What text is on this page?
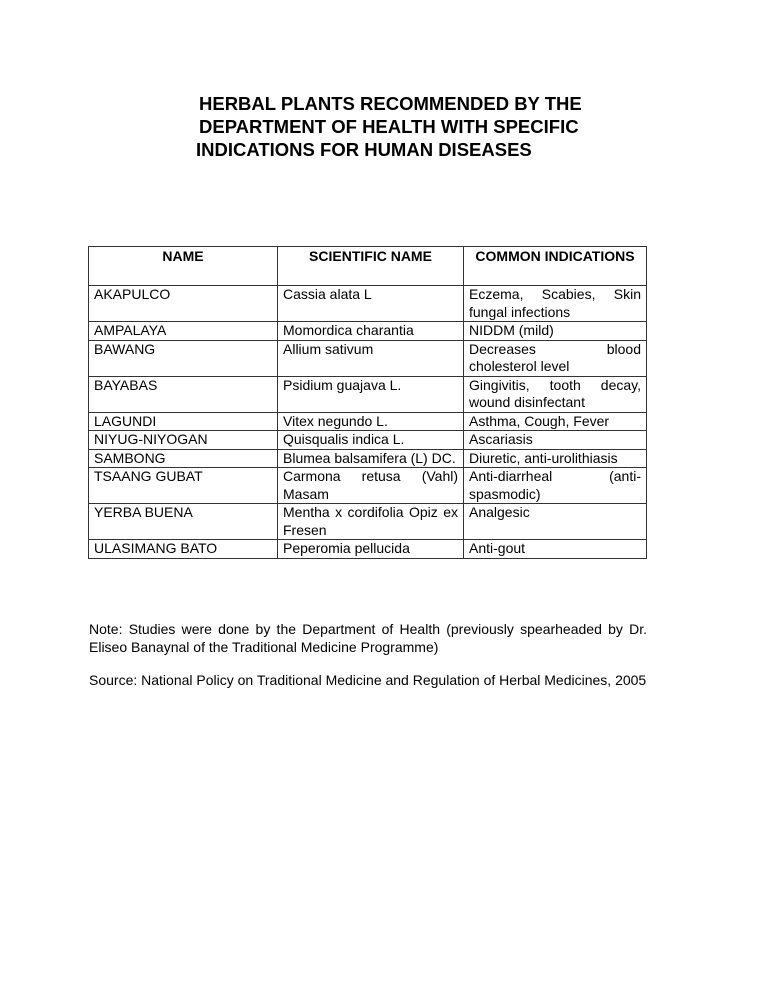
HERBAL PLANTS RECOMMENDED BY THE
DEPARTMENT OF HEALTH WITH SPECIFIC
INDICATIONS FOR HUMAN DISEASES
NAME	SCIENTIFIC NAME	COMMON INDICATIONS
AKAPULCO	Cassia alata L	Eczema, Scabies, Skin fungal infections
AMPALAYA	Momordica charantia	NIDDM (mild)
BAWANG	Allium sativum	Decreases blood cholesterol level
BAYABAS	Psidium guajava L.	Gingivitis, tooth decay, wound disinfectant
LAGUNDI	Vitex negundo L.	Asthma, Cough, Fever
NIYUG-NIYOGAN	Quisqualis indica L.	Ascariasis
SAMBONG	Blumea balsamifera (L) DC.	Diuretic, anti-urolithiasis
TSAANG GUBAT	Carmona retusa (Vahl) Masam	Anti-diarrheal (anti-spasmodic)
YERBA BUENA	Mentha x cordifolia Opiz ex Fresen	Analgesic
ULASIMANG BATO	Peperomia pellucida	Anti-gout
Note: Studies were done by the Department of Health (previously spearheaded by Dr. Eliseo Banaynal of the Traditional Medicine Programme)
Source: National Policy on Traditional Medicine and Regulation of Herbal Medicines, 2005
